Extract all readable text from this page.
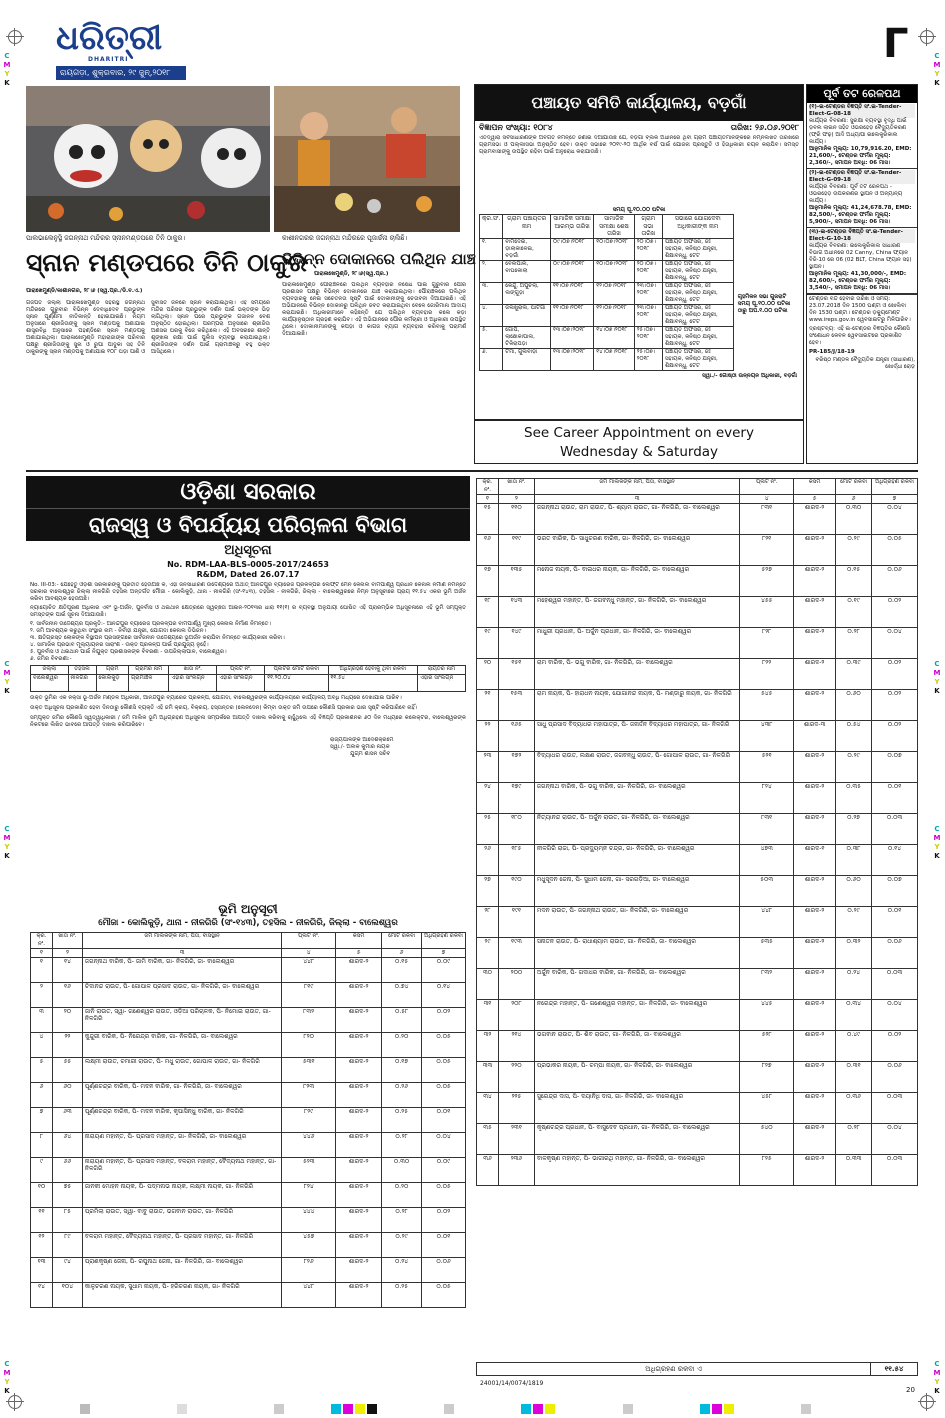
C
M
Y
K
C
M
Y
K
C
M
Y
K
C
M
Y
K
C
M
Y
K
C
M
Y
K
C
M
Y
K
C
M
Y
K
ଧରିତ୍ରୀ
DHARITRI
ରାୟଗଡ଼ା, ଶୁକ୍ରବାର, ୨୯ ଜୁନ୍,୨୦୧୮
Γ
ପାଲଭାଲେନୁସ୍ଥି ଜଗନ୍ନାଥ ମନ୍ଦିରର ସ୍ନାନମଣ୍ଡପରେ ତିନି ଠାକୁର।	କାଶୀନଗରର ଜଗନ୍ନାଥ ମନ୍ଦିରରେ ପୂଜାର୍ଚ୍ଚନା ଚାଲିଛି।
ସ୍ନାନ ମଣ୍ଡପରେ ତିନି ଠାକୁର
ପାରାଖେମୁଣ୍ଡି/କାଶୀନଗର, ୨୮।୬ (ସ୍ୱ.ପ୍ର./ଡି.ବ.ଏ.)
ଗଜପତି ଜିଲ୍ଲା ପାରାଳାଖେମୁଣ୍ଡି ସହରସ୍ଥ ଜଗନ୍ନାଥ ମନ୍ଦିରରେ ଗୁରୁବାର ବିଭିନ୍ନ ଦେବାଧିଦେବ ପ୍ରଭୁଙ୍କ ସ୍ନାନ ପୂର୍ଣ୍ଣିମା ନୀତିକାନ୍ତି ହୋଇଯାଇଛି। ନିୟମ ଅନୁସାରେ ଶ୍ରୀଜିଉଙ୍କୁ ସ୍ନାନ ମଣ୍ଡପକୁ ଅଣାଯାଇ ଶାସ୍ତ୍ରବିଧି ଅନୁସାରେ ପହଣ୍ଡିରେ ସ୍ନାନ ମଣ୍ଡପକୁ ଅଣାଯାଇଥିଲା। ପାରାଳାଖେମୁଣ୍ଡି ମହାରାଜାଙ୍କ ପରିବାର ପକ୍ଷରୁ ଶ୍ରୀଜିଉଙ୍କୁ ସୁନା ଓ ରୁପା ପାଦୁକା ସହ ତିନି ଠାକୁରଙ୍କୁ ସ୍ନାନ ମଣ୍ଡପକୁ ଅଣାଯାଇ ୧୦୮ ଘଡ଼ା ପାଣି ଓ ସୁବାସିତ ଜଳରେ ସ୍ନାନ କରାଯାଇଥିଲା। ଏହି ସମୟରେ ମନ୍ଦିର ପରିସର ପ୍ରଭୁଙ୍କ ଦର୍ଶନ ପାଇଁ ଭକ୍ତଙ୍କ ଭିଡ଼ ଲାଗିଥିଲା। ସ୍ନାନ ପରେ ପ୍ରଭୁଙ୍କ ଗଜାନନ ବେଶ ଅନୁଷ୍ଠିତ ହୋଇଥିଲା। ପରମ୍ପରା ଅନୁସାରେ ଶ୍ରୀଜିଉ ଅଣସର ଘରକୁ ବିଜେ କରିଥିଲେ। ଏହି ଅବସରରେ ଶାନ୍ତି ଶୃଙ୍ଖଳା ରକ୍ଷା ପାଇଁ ପୁଲିସ ବ୍ୟବସ୍ଥା କରାଯାଇଥିଲା। ଶ୍ରୀଜିଉଙ୍କ ଦର୍ଶନ ପାଇଁ ଗ୍ରାମାଞ୍ଚଳରୁ ବହୁ ଭକ୍ତ ଆସିଥିଲେ।
ବିଭିନ୍ନ ଦୋକାନରେ ପଲିଥିନ ଯାଞ୍ଚ
ପାରାଳାଖେମୁଣ୍ଡି, ୨୮।୬(ସ୍ୱ.ପ୍ର.)
ପାରାଳାଖେମୁଣ୍ଡି ପୌରାଞ୍ଚଳରେ ପଲିଥିନ ବ୍ୟବହାର ନିଷେଧ ପାଇଁ ଗୁରୁବାର ପୌର ପ୍ରଶାସନ ପକ୍ଷରୁ ବିଭିନ୍ନ ଦୋକାନରେ ଯାଞ୍ଚ କରାଯାଇଥିଲା। ପୌରାଞ୍ଚଳରେ ପଲିଥିନ ବ୍ୟବହାରକୁ ନେଇ ସଚେତନତା ସୃଷ୍ଟି ପାଇଁ ଦୋକାନୀଙ୍କୁ ଚେତାବନୀ ଦିଆଯାଇଛି। ଏହି ଅଭିଯାନରେ ବିଭିନ୍ନ ଦୋକାନରୁ ପଲିଥିନ ଜବତ କରାଯାଇଥିବା ବେଳେ ଜୋରିମାନା ଆଦାୟ କରାଯାଇଛି। ଅଧିକାରୀମାନେ କହିଛନ୍ତି ଯେ ପଲିଥିନ ବ୍ୟବହାର କଲେ କଡ଼ା କାର୍ଯ୍ୟାନୁଷ୍ଠାନ ଗ୍ରହଣ କରାଯିବ। ଏହି ଅଭିଯାନରେ ପୌର କର୍ମଚାରୀ ଓ ଅଧିକାରୀ ଉପସ୍ଥିତ ଥିଲେ। ଦୋକାନୀମାନଙ୍କୁ କପଡ଼ା ଓ କାଗଜ ବ୍ୟାଗ ବ୍ୟବହାର କରିବାକୁ ପରାମର୍ଶ ଦିଆଯାଇଛି।
ପଞ୍ଚାୟତ ସମିତି କାର୍ଯ୍ୟାଳୟ, ବଡ଼ଗାଁ
ବିଜ୍ଞାପନ ସଂଖ୍ୟା: ୧୦୮୪	ତାରିଖ: ୨୬.୦୬.୨୦୧୮
ଏତଦ୍ୱାରା ସର୍ବସାଧାରଣଙ୍କ ଅବଗତି ନିମନ୍ତେ ଜଣାଇ ଦିଆଯାଉଛି ଯେ, ବଡ଼ଗାଁ ବ୍ଲକ ଅଧୀନରେ ଥିବା ଗ୍ରାମ ପଞ୍ଚାୟତମାନଙ୍କରେ ନିମ୍ନଲିଖିତ ତାରିଖରେ ଗ୍ରାମସଭା ଓ ପଲ୍ଲୀସଭା ଅନୁଷ୍ଠିତ ହେବ। ଉକ୍ତ ସଭାରେ ୨୦୧୯-୨୦ ଆର୍ଥିକ ବର୍ଷ ପାଇଁ ଯୋଜନା ପ୍ରସ୍ତୁତି ଓ ହିତାଧିକାରୀ ଚୟନ କରାଯିବ। ସମସ୍ତ ଗ୍ରାମବାସୀଙ୍କୁ ଉପସ୍ଥିତ ରହିବା ପାଇଁ ଅନୁରୋଧ କରାଯାଉଛି।
ସମୟ ପୂ.୧୦.୦୦ ଘଟିକା
କ୍ର.ସଂ.	ଗ୍ରାମ ପଞ୍ଚାୟତର ନାମ	ସାମାଜିକ ସମୀକ୍ଷା ଆରମ୍ଭ ତାରିଖ	ସାମାଜିକ ସମୀକ୍ଷା ଶେଷ ତାରିଖ	ଗ୍ରାମ ସଭା ତାରିଖ	ସଭାରେ ଯୋଗଦେବା ଅଧିକାରୀଙ୍କ ନାମ
୧.	ବାମଦେଇ, ଡ଼ାଲାକାଳେଇ, ବଡ଼ଗାଁ	୦୯।୦୭।୨୦୧୮	୧୦।୦୭।୨୦୧୮	୨୦।୦୭।୨୦୧୮	ପଞ୍ଚାୟତ ଅଫିସର, ଜଃ ସହାୟକ, କନିଷ୍ଠ ଯନ୍ତ୍ରୀ, ଶିକ୍ଷାବନ୍ଧୁ, ଟେଟ
୨.	ବେଲପାଲି, ବାଘକୋଲା	୦୯।୦୭।୨୦୧୮	୧୦।୦୭।୨୦୧୮	୨୦।୦୭।୨୦୧୮	ପଞ୍ଚାୟତ ଅଫିସର, ଜଃ ସହାୟକ, କନିଷ୍ଠ ଯନ୍ତ୍ରୀ, ଶିକ୍ଷାବନ୍ଧୁ, ଟେଟ
୩.	କେନ୍ଦୁ, ଅପୁଚଲା, ଲଙ୍ଗୁଡ଼ା	୧୧।୦୭।୨୦୧୮	୧୨।୦୭।୨୦୧୮	୨୩।୦୭।୨୦୧୮	ପଞ୍ଚାୟତ ଅଫିସର, ଜଃ ସହାୟକ, କନିଷ୍ଠ ଯନ୍ତ୍ରୀ, ଶିକ୍ଷାବନ୍ଧୁ, ଟେଟ
୪.	ଜଲଖୁରାଲ, ଘାଟଗାଁ	୧୧।୦୭।୨୦୧୮	୧୨।୦୭।୨୦୧୮	୨୩।୦୭।୨୦୧୮	ପଞ୍ଚାୟତ ଅଫିସର, ଜଃ ସହାୟକ, କନିଷ୍ଠ ଯନ୍ତ୍ରୀ, ଶିକ୍ଷାବନ୍ଧୁ, ଟେଟ
୫.	ଗୋପି, ଲାଛୋକାପାଲ, ଟିକିରାପଡ଼ା	୧୩।୦୭।୨୦୧୮	୧୪।୦୭।୨୦୧୮	୨୫।୦୭।୨୦୧୮	ପଞ୍ଚାୟତ ଅଫିସର, ଜଃ ସହାୟକ, କନିଷ୍ଠ ଯନ୍ତ୍ରୀ, ଶିକ୍ଷାବନ୍ଧୁ, ଟେଟ
୬.	ଟିମା, ଗୁଲିବାଡ଼ା	୧୩।୦୭।୨୦୧୮	୧୪।୦୭।୨୦୧୮	୨୫।୦୭।୨୦୧୮	ପଞ୍ଚାୟତ ଅଫିସର, ଜଃ ସହାୟକ, କନିଷ୍ଠ ଯନ୍ତ୍ରୀ, ଶିକ୍ଷାବନ୍ଧୁ, ଟେଟ
ଗୃହମିଳନ ସଭା ଗୁଜରାଟି ସମୟ ପୂ.୧୦.୦୦ ଘଟିକା ଠାରୁ ଅପ.୧.୦୦ ଘଟିକା
ସ୍ୱା./- ଗୋଷ୍ଠୀ ଉନ୍ନୟନ ଅଧିକାରୀ, ବଡ଼ଗାଁ
See Career Appointment on every
Wednesday & Saturday
ପୂର୍ବ ତଟ ରେଳପଥ
(୧)-ଇ-ଟେଣ୍ଡର ବିଜ୍ଞପ୍ତି ସଂ.ଇ-Tender-Elect-G-08-18
କାର୍ଯ୍ୟର ବିବରଣୀ: ସୁରକ୍ଷା ବ୍ୟବସ୍ଥା ବୃଦ୍ଧି ପାଇଁ ଡ଼ବଲ ଲାଇନ ସହିତ ଓଭରହେଡ଼ ବୈଦ୍ୟୁତିକରଣ (ଫ୍ରି ଫଢ଼) ଆଦି ଅଧ୍ୟାପୀ ଇଲେକ୍ଟ୍ରିକାଲ କାର୍ଯ୍ୟ।
ଆନୁମାନିକ ମୂଲ୍ୟ: 10,79,916.20, EMD: 21,600/-, ଟେଣ୍ଡର ଫର୍ମର ମୂଲ୍ୟ: 2,360/-, ସମାପନ ଅବଧି: 06 ମାସ।
(୨)-ଇ-ଟେଣ୍ଡର ବିଜ୍ଞପ୍ତି ସଂ.ଇ-Tender-Elect-G-09-18
କାର୍ଯ୍ୟର ବିବରଣୀ: ପୂର୍ବ ତଟ ରେଳପଥ - ଓଭରହେଡ଼ ଉପକରଣର ସ୍ଥାପନ ଓ ଅନ୍ୟାନ୍ୟ କାର୍ଯ୍ୟ।
ଆନୁମାନିକ ମୂଲ୍ୟ: 41,24,678.78, EMD: 82,500/-, ଟେଣ୍ଡର ଫର୍ମର ମୂଲ୍ୟ: 5,900/-, ସମାପନ ଅବଧି: 06 ମାସ।
(୩)-ଇ-ଟେଣ୍ଡର ବିଜ୍ଞପ୍ତି ସଂ.ଇ-Tender-Elect-G-10-18
କାର୍ଯ୍ୟର ବିବରଣୀ: ଇଲେକ୍ଟ୍ରିକାଲ ସାଧାରଣ ବିଭାଗ ଅଧୀନରେ 02 Canny, China ଫ୍ୟାନ ବିଜି-10 ରେ 06 (02 BLT, China ଫ୍ୟାନ ସହ) ସ୍ଥାପନ।
ଆନୁମାନିକ ମୂଲ୍ୟ: 41,30,000/-, EMD: 82,600/-, ଟେଣ୍ଡର ଫର୍ମର ମୂଲ୍ୟ: 3,540/-, ସମାପନ ଅବଧି: 06 ମାସ।
ଟେଣ୍ଡର ବନ୍ଦ ହେବାର ତାରିଖ ଓ ସମୟ: 23.07.2018 ଦିନ 1500 ଘଣ୍ଟା ଓ ଖୋଲିବା ଦିନ 1530 ଘଣ୍ଟା। ଟେଣ୍ଡର ଡ଼କ୍ୟୁମେଣ୍ଟ www.ireps.gov.in ୱେବସାଇଟରୁ ମିଳିପାରିବ।
ଦ୍ରଷ୍ଟବ୍ୟ: ଏହି ଇ-ଟେଣ୍ଡର ବିଜ୍ଞପ୍ତିର କୌଣସି ସଂଶୋଧନ କେବଳ ୱେବସାଇଟରେ ପ୍ରକାଶିତ ହେବ।
PR-185/J/18-19
ବରିଷ୍ଠ ମଣ୍ଡଳ ବୈଦ୍ୟୁତିକ ଯନ୍ତ୍ରୀ (ସାଧାରଣ), ଖୋର୍ଦ୍ଧା ରୋଡ଼
ଓଡ଼ିଶା ସରକାର
ରାଜସ୍ୱ ଓ ବିପର୍ଯ୍ୟୟ ପରିଚାଳନା ବିଭାଗ
ଅଧିସୂଚନା
No. RDM-LAA-BLS-0005-2017/24653
R&DM, Dated 26.07.17
No. III-03:- ଯେହେତୁ ଓଡ଼ିଶା ସରକାରଙ୍କୁ ପ୍ରତୀତ ହେଉଅଛି କି, ଏହା ଜନସାଧାରଣ ଉଦ୍ଦେଶ୍ୟରେ ଅର୍ଥାତ୍ ଆନନ୍ଦପୁର ବ୍ୟାରେଜ ପ୍ରକଳ୍ପର ଲେଫ୍ଟ ମେନ କେନାଲ ବାମପାର୍ଶ୍ୱ ପ୍ରଧାନ କେନାଲ ନିର୍ମାଣ ନିମନ୍ତେ ସରକାର ବାଲେଶ୍ୱର ଜିଲ୍ଲା ନୀଳଗିରି ତହସିଲ ଅନ୍ତର୍ଗତ ମୌଜା - କୋଲିକୁଡ଼ି, ଥାନା - ନୀଳଗିରି (ସଂ-୧୪୩), ତହସିଲ - ନୀଳଗିରି, ଜିଲ୍ଲା - ବାଲେଶ୍ୱରରେ ନିମ୍ନ ଅନୁସୂଚୀରେ ପ୍ରାୟ ୧୧.୫୪ ଏକର ଭୂମି ଅର୍ଜନ କରିବା ଆବଶ୍ୟକ ହେଉଅଛି।
ନ୍ୟାୟୋଚିତ କ୍ଷତିପୂରଣ ଅଧିକାର ଏବଂ ଭୂ-ଅର୍ଜନ, ପୁନର୍ବାସ ଓ ଥଇଥାନ କ୍ଷେତ୍ରରେ ସ୍ୱଚ୍ଛତା ଆଇନ-୨୦୧୩ର ଧାରା ୧୧(୧) ର ବ୍ୟବସ୍ଥା ଅନୁଯାୟୀ ଘୋଷିତ ଏହି ପ୍ରାରମ୍ଭିକ ଅଧିସୂଚନାରେ ଏହି ଭୂମି ସମ୍ପୃକ୍ତ ସମସ୍ତଙ୍କ ପାଇଁ ସୂଚନା ଦିଆଯାଉଛି।
୧. ସାର୍ବଜନୀନ ଉଦ୍ଦେଶ୍ୟର ପ୍ରକୃତି:- ଆନନ୍ଦପୁର ବ୍ୟାରେଜ ପ୍ରକଳ୍ପର ବାମପାର୍ଶ୍ୱ ମୁଖ୍ୟ କେନାଲ ନିର୍ମାଣ ନିମନ୍ତେ।
୨. ଜମି ଆବଶ୍ୟକ କରୁଥିବା ସଂସ୍ଥାର ନାମ - ନିର୍ବାହୀ ଯନ୍ତ୍ରୀ, ଯୋଗଦା କେନାଲ ଡିଭିଜନ।
୩. କ୍ଷତିଗ୍ରସ୍ତ ଲୋକଙ୍କ ବିସ୍ଥାପନ ପ୍ରସଙ୍ଗରେ ସାର୍ବଜନୀନ ଉଦ୍ଦେଶ୍ୟରେ ଭୂଅର୍ଜନ କରାଯିବା ନିମନ୍ତେ କାର୍ଯ୍ୟକାରୀ କରିବା।
୪. ସାମାଜିକ ପ୍ରଭାବ ମୂଲ୍ୟାୟନର ସାରାଂଶ - ଉକ୍ତ ପ୍ରକଳ୍ପ ପାଇଁ ପ୍ରଯୁଜ୍ୟ ନୁହେଁ।
୫. ପୁନର୍ବାସ ଓ ଥଇଥାନ ପାଇଁ ନିଯୁକ୍ତ ପ୍ରଶାସକଙ୍କ ବିବରଣୀ - ଉପଜିଲ୍ଲାପାଳ, ବାଲେଶ୍ୱର।
୬. ଜମିର ବିବରଣୀ:-
ଜିଲ୍ଲା	ତହସିଲ	ଗ୍ରାମ	ଗ୍ରାମର ନାମ	ଖାତା ନଂ.	ପ୍ଲଟ ନଂ.	ପ୍ଲଟର ମୋଟ ରକବା	ଅଧିଗ୍ରହଣ ହେବାକୁ ଥିବା ରକବା	ରାୟତର ନାମ
ବାଲେଶ୍ୱର	ନୀଳଗିରି	କୋଲିକୁଡ଼ି	ଗ୍ରାମାଞ୍ଚଳ	ଏହାରି ସାଂଲଗ୍ନ	ଏହାରି ସାଂଲଗ୍ନ	୧୧.୨୦.୦୪	୧୧.୫୪	ଏହାରି ସାଂଲଗ୍ନ
ଉକ୍ତ ଭୂମିର ଏକ ନକ୍ସା ଭୂ-ଅର୍ଜନ ମଣ୍ଡଳ ଅଧିକାରୀ, ଆନନ୍ଦପୁର ବ୍ୟାରେଜ ପ୍ରକଳ୍ପ, ଯୋଗଦା, ବାଲେଶ୍ୱରଙ୍କ କାର୍ଯ୍ୟାଳୟରେ କାର୍ଯ୍ୟାଳୟ ଅବଧି ମଧ୍ୟରେ ଦେଖାଯାଇ ପାରିବ।
ଉକ୍ତ ଅଧିସୂଚନା ପ୍ରକାଶିତ ହେବା ଦିନଠାରୁ କୌଣସି ବ୍ୟକ୍ତି ଏହି ଜମି କ୍ରୟ, ବିକ୍ରୟ, ହସ୍ତାନ୍ତର (ଲେନଦେନ) କିମ୍ବା ଉକ୍ତ ଜମି ଉପରେ କୌଣସି ପ୍ରକାର ଭାର ସୃଷ୍ଟି କରିପାରିବେ ନାହିଁ।
ସମ୍ପୃକ୍ତ ଜମିର କୌଣସି ସ୍ୱତ୍ୱାଧିକାରୀ / ଜମି ମାଲିକ ଭୂମି ଅଧିଗ୍ରହଣ ଅଧିସୂଚନା ସମ୍ପର୍କରେ ଆପତ୍ତି ଦାଖଲ କରିବାକୁ ଚାହୁଁଥିଲେ ଏହି ବିଜ୍ଞପ୍ତି ପ୍ରକାଶନର ୬୦ ଦିନ ମଧ୍ୟରେ କଲେକ୍ଟର, ବାଲେଶ୍ୱରଙ୍କ ନିକଟରେ ଲିଖିତ ଭାବରେ ଆପତ୍ତି ଦାଖଲ କରିପାରିବେ।
ରାଜ୍ୟପାଳଙ୍କ ଆଦେଶକ୍ରମେ
ସ୍ୱା./- ଅଲକ କୁମାର ନାୟକ
ଯୁଗ୍ମ ଶାସନ ସଚିବ
ଭୂମି ଅନୁସୂଚୀ
ମୌଜା - କୋଲିକୁଡ଼ି, ଥାନା - ନୀଳଗିରି (ସଂ-୧୪୩), ତହସିଲ - ନୀଳଗିରି, ଜିଲ୍ଲା - ବାଲେଶ୍ୱର
କ୍ର. ନଂ.	ଖାତା ନଂ.	ଜମି ମାଲିକଙ୍କ ନାମ, ପିତା, ବାସସ୍ଥାନ	ପ୍ଲଟ ନଂ.	କିସମ	ମୋଟ ରକବା	ଅଧିଗ୍ରହଣ ରକବା
୧	୨	୩	୪	୫	୬	୭
୧	୧୪	ଜଗନ୍ନାଥ ବାରିକ, ପି- ଜାମି ବାରିକ, ଗା- ନିଳଗିରି, ଜା- ବାଲେଶ୍ୱର	୪୪୮	ଶାରଦ-୨	୦.୧୫	୦.୦୯
୨	୧୬	ଚିଦାନନ୍ଦ ରାଉତ, ପି- ଗୋପାଳ ପ୍ରସାଦ ରାଉତ, ଗା- ନିଳଗିରି, ଜା- ବାଲେଶ୍ୱର	୮୧୯	ଶାରଦ-୨	୦.୭୪	୦.୧୪
୩	୨୦	ଜାନି ରାଉତ, ସ୍ୱା- ଗଣେଶ୍ୱର ରାଉତ, ଓଡ଼ିଆ ପରିଚାଳକ, ପି- ନିମୋଇ ରାଉତ, ଗା- ନିଳଗିରି	୮୩୨	ଶାରଦ-୨	୦.୫୮	୦.୦୨
୪	୨୨	କୁନ୍ଦୁରୀ ବାରିକ, ପି- ନିରେନ୍ଦ୍ର ବାରିକ, ଗା- ନିଳଗିରି, ଜା- ବାଲେଶ୍ୱର	୮୨୦	ଶାରଦ-୨	୦.୨୦	୦.୦୫
୫	୫୫	ଲକ୍ଷ୍ମୀ ରାଉତ, ଚମାରୀ ରାଉତ, ପି- ମଧୁ ରାଉତ, ଗୋପାଳ ରାଉତ, ଗା- ନିଳଗିରି	୫୩୧	ଶାରଦ-୨	୦.୧୭	୦.୦୫
୬	୬୦	ପୂର୍ଣ୍ଣଚନ୍ଦ୍ର ବାରିକ, ପି- ମଦନ ବାରିକ, ଗା- ନିଳଗିରି, ଜା- ବାଲେଶ୍ୱର	୮୨୩	ଶାରଦ-୨	୦.୨୬	୦.୦୫
୭	୬୩	ପୂର୍ଣ୍ଣଚନ୍ଦ୍ର ବାରିକ, ପି- ମଦନ ବାରିକ, କୃପାସିନ୍ଧୁ ବାରିକ, ଗା- ନିଳଗିରି	୮୨୯	ଶାରଦ-୨	୦.୨୫	୦.୦୧
୮	୬୪	ନାରାୟଣ ମହାନ୍ତ, ପି- ପ୍ରସାଦ ମହାନ୍ତ, ଗା- ନିଳଗିରି, ଜା- ବାଲେଶ୍ୱର	୪୪୬	ଶାରଦ-୨	୦.୨୮	୦.୦୪
୯	୬୬	ନାରାୟଣ ମହାନ୍ତ, ପି- ପ୍ରସାଦ ମହାନ୍ତ, ବଳରାମ ମହାନ୍ତ, ବୈଦ୍ୟନାଥ ମହାନ୍ତ, ଗା- ନିଳଗିରି	୫୨୩	ଶାରଦ-୨	୦.୩୦	୦.୦୯
୧୦	୭୫	ଜାନକୀ ମୋହନ ନାୟକ, ପି- ପଦ୍ମନାଭ ନାୟକ, ଲକ୍ଷ୍ମୀ ନାୟକ, ଗା- ନିଳଗିରି	୮୨୪	ଶାରଦ-୨	୦.୨୦	୦.୦୫
୧୧	୮୫	ପ୍ରମିଲା ରାଉତ, ସ୍ୱା- ବାବୁ ରାଉତ, ଭଗବାନ ରାଉତ, ଗା- ନିଳଗିରି	୪୪୪	ଶାରଦ-୨	୦.୨୮	୦.୦୨
୧୨	୮୯	ବଳରାମ ମହାନ୍ତ, ବୈଦ୍ୟନାଥ ମହାନ୍ତ, ପି- ପ୍ରସାଦ ମହାନ୍ତ, ଗା- ନିଳଗିରି	୪୫୭	ଶାରଦ-୨	୦.୨୯	୦.୦୧
୧୩	୯୪	ପ୍ରାଣକୃଷ୍ଣ ଜେନା, ପି- ରଘୁନାଥ ଜେନା, ଗା- ନିଳଗିରି, ଜା- ବାଲେଶ୍ୱର	୮୨୬	ଶାରଦ-୨	୦.୨୪	୦.୦୬
୧୪	୧୦୪	କାଳୁଚରଣ ନାୟକ, ସୁଧାମ ନାୟକ, ପି- ହରିଚରଣ ନାୟକ, ଗା- ନିଳଗିରି	୪୪୮	ଶାରଦ-୨	୦.୨୫	୦.୦୫
କ୍ର. ନଂ.	ଖାତା ନଂ.	ଜମି ମାଲିକଙ୍କ ନାମ, ପିତା, ବାସସ୍ଥାନ	ପ୍ଲଟ ନଂ.	କିସମ	ମୋଟ ରକବା	ଅଧିଗ୍ରହଣ ରକବା
୧	୨	୩	୪	୫	୬	୭
୧୫	୧୧୦	ଜଗନ୍ନାଥ ରାଉତ, ରାମ ରାଉତ, ପି- ଶ୍ୟାମ ରାଉତ, ଗା- ନିଳଗିରି, ଜା- ବାଲେଶ୍ୱର	୮୩୧	ଶାରଦ-୨	୦.୩୦	୦.୦୪
୧୬	୧୧୯	ଭରତ ବାରିକ, ପି- ସାଧୁଚରଣ ବାରିକ, ଗା- ନିଳଗିରି, ଜା- ବାଲେଶ୍ୱର	୮୨୧	ଶାରଦ-୨	୦.୨୯	୦.୦୫
୧୭	୧୩୫	ମନୋଜ ନାୟକ, ପି- ବାଇଧର ନାୟକ, ଗା- ନିଳଗିରି, ଜା- ବାଲେଶ୍ୱର	୫୨୭	ଶାରଦ-୨	୦.୧୫	୦.୦୬
୧୮	୧୪୩	ମହେଶ୍ୱର ମହାନ୍ତ, ପି- ଜଗବନ୍ଧୁ ମହାନ୍ତ, ଗା- ନିଳଗିରି, ଜା- ବାଲେଶ୍ୱର	୪୫୫	ଶାରଦ-୨	୦.୧୯	୦.୦୨
୧୯	୧୪୯	ମାଧୁରୀ ପ୍ରଧାନ, ପି- ଅର୍ଜୁନ ପ୍ରଧାନ, ଗା- ନିଳଗିରି, ଜା- ବାଲେଶ୍ୱର	୮୨୮	ଶାରଦ-୨	୦.୨୮	୦.୦୪
୨୦	୧୫୧	ରାମ ବାରିକ, ପି- ଭଗୁ ବାରିକ, ଗା- ନିଳଗିରି, ଜା- ବାଲେଶ୍ୱର	୮୨୨	ଶାରଦ-୨	୦.୩୯	୦.୦୨
୨୧	୧୫୩	ରାମ ନାୟକ, ପି- ହାରାଧନ ନାୟକ, ଯୋଗାନନ୍ଦ ନାୟକ, ପି- ମଣ୍ଡାରୁ ନାୟକ, ଗା- ନିଳଗିରି	୫୪୫	ଶାରଦ-୨	୦.୬୦	୦.୦୨
୨୨	୧୬୫	ସାଧୁ ପ୍ରସାଦ ବିଦ୍ୟାଧର ମହାପାତ୍ର, ପି- ଜନାର୍ଦ୍ଦନ ବିଦ୍ୟାଧର ମହାପାତ୍ର, ଗା- ନିଳଗିରି	୪୩୮	ଶାରଦ-୩	୦.୫୪	୦.୦୨
୨୩	୧୭୨	ବିଦ୍ୟାଧର ରାଉତ, ଲକ୍ଷଣ ରାଉତ, ଜଗବନ୍ଧୁ ରାଉତ, ପି- ଗୋପାଳ ରାଉତ, ଗା- ନିଳଗିରି	୫୨୧	ଶାରଦ-୨	୦.୨୯	୦.୦୭
୨୪	୧୭୯	ଜଗନ୍ନାଥ ବାରିକ, ପି- ଭଗୁ ବାରିକ, ଗା- ନିଳଗିରି, ଜା- ବାଲେଶ୍ୱର	୮୨୪	ଶାରଦ-୨	୦.୩୫	୦.୦୧
୨୫	୧୮୦	ନିତ୍ୟାନନ୍ଦ ରାଉତ, ପି- ଅର୍ଜୁନ ରାଉତ, ଗା- ନିଳଗିରି, ଜା- ବାଲେଶ୍ୱର	୮୩୧	ଶାରଦ-୨	୦.୨୭	୦.୦୩
୨୬	୧୮୫	ନୀଳଗିରି ରାଜା, ପି- ପ୍ରଦ୍ୟୁମ୍ନ ଚନ୍ଦ୍ର, ଗା- ନିଳଗିରି, ଜା- ବାଲେଶ୍ୱର	୪୭୩	ଶାରଦ-୧	୦.୩୮	୦.୧୪
୨୭	୧୯୦	ମଧୁସୂଦନ ଜେନା, ପି- ସୁଧାମ ଜେନା, ଗା- ସରଗଡ଼ିଆ, ଜା- ବାଲେଶ୍ୱର	୫୦୩	ଶାରଦ-୨	୦.୬୦	୦.୦୭
୨୮	୧୯୧	ମଦନ ରାଉତ, ପି- ଜଗନ୍ନାଥ ରାଉତ, ଗା- ନିଳଗିରି, ଜା- ବାଲେଶ୍ୱର	୪୪୮	ଶାରଦ-୨	୦.୨୯	୦.୦୧
୨୯	୧୯୩	ସନାତନ ରାଉତ, ପି- ରାଧାଶ୍ୟାମ ରାଉତ, ଗା- ନିଳଗିରି, ଜା- ବାଲେଶ୍ୱର	୫୩୫	ଶାରଦ-୨	୦.୩୨	୦.୦୬
୩୦	୨୦୦	ଅର୍ଜୁନ ବାରିକ, ପି- ଗଦାଧର ବାରିକ, ଗା- ନିଳଗିରି, ଜା- ବାଲେଶ୍ୱର	୮୩୨	ଶାରଦ-୨	୦.୨୪	୦.୦୩
୩୧	୨୦୮	ନରେନ୍ଦ୍ର ମହାନ୍ତ, ପି- ଗଣେଶ୍ୱର ମହାନ୍ତ, ଗା- ନିଳଗିରି, ଜା- ବାଲେଶ୍ୱର	୪୪୫	ଶାରଦ-୨	୦.୩୪	୦.୦୪
୩୨	୨୧୪	ଭଗବାନ ରାଉତ, ପି- ଶିବ ରାଉତ, ଗା- ନିଳଗିରି, ଜା- ବାଲେଶ୍ୱର	୫୨୮	ଶାରଦ-୨	୦.୪୯	୦.୦୨
୩୩	୨୨୦	ପ୍ରଭାକର ନାୟକ, ପି- ଚମ୍ପା ନାୟକ, ଗା- ନିଳଗିରି, ଜା- ବାଲେଶ୍ୱର	୮୨୭	ଶାରଦ-୨	୦.୩୧	୦.୦୬
୩୪	୨୨୫	ସୁରେନ୍ଦ୍ର ଦାସ, ପି- ଦୟାନିଧି ଦାସ, ଗା- ନିଳଗିରି, ଜା- ବାଲେଶ୍ୱର	୪୫୮	ଶାରଦ-୨	୦.୩୬	୦.୦୩
୩୫	୨୩୧	କୃଷ୍ଣଚନ୍ଦ୍ର ପ୍ରଧାନ, ପି- ବାସୁଦେବ ପ୍ରଧାନ, ଗା- ନିଳଗିରି, ଜା- ବାଲେଶ୍ୱର	୫୪୦	ଶାରଦ-୨	୦.୨୮	୦.୦୪
୩୬	୨୩୬	ବାଳକୃଷ୍ଣ ମହାନ୍ତ, ପି- ଭାଗୀରଥି ମହାନ୍ତ, ଗା- ନିଳଗିରି, ଜା- ବାଲେଶ୍ୱର	୮୨୫	ଶାରଦ-୨	୦.୩୩	୦.୦୩
ଅଧିଗ୍ରହଣ ରକବା ଏ	୧୧.୫୪
24001/14/0074/1819
20
